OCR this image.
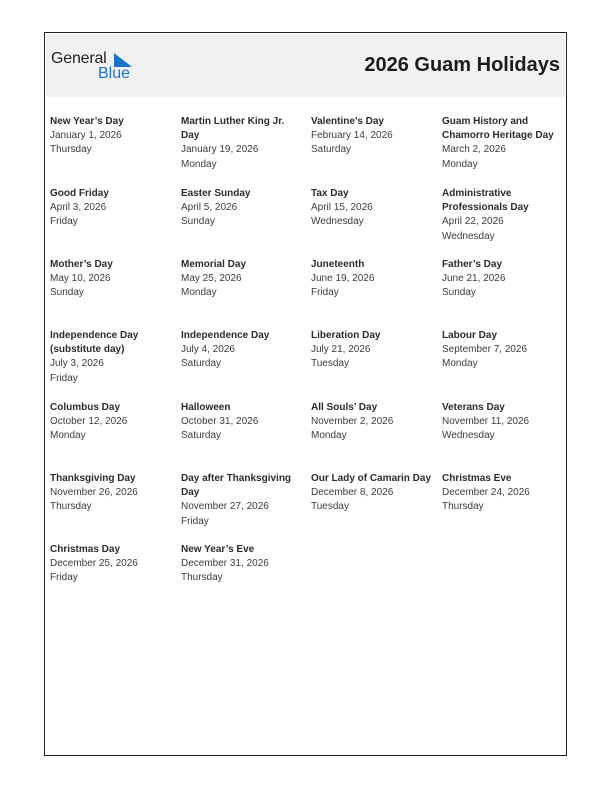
General
Blue	2026 Guam Holidays
New Year’s Day
January 1, 2026
Thursday
Martin Luther King Jr. Day
January 19, 2026
Monday
Valentine’s Day
February 14, 2026
Saturday
Guam History and Chamorro Heritage Day
March 2, 2026
Monday
Good Friday
April 3, 2026
Friday
Easter Sunday
April 5, 2026
Sunday
Tax Day
April 15, 2026
Wednesday
Administrative Professionals Day
April 22, 2026
Wednesday
Mother’s Day
May 10, 2026
Sunday
Memorial Day
May 25, 2026
Monday
Juneteenth
June 19, 2026
Friday
Father’s Day
June 21, 2026
Sunday
Independence Day (substitute day)
July 3, 2026
Friday
Independence Day
July 4, 2026
Saturday
Liberation Day
July 21, 2026
Tuesday
Labour Day
September 7, 2026
Monday
Columbus Day
October 12, 2026
Monday
Halloween
October 31, 2026
Saturday
All Souls’ Day
November 2, 2026
Monday
Veterans Day
November 11, 2026
Wednesday
Thanksgiving Day
November 26, 2026
Thursday
Day after Thanksgiving Day
November 27, 2026
Friday
Our Lady of Camarin Day
December 8, 2026
Tuesday
Christmas Eve
December 24, 2026
Thursday
Christmas Day
December 25, 2026
Friday
New Year’s Eve
December 31, 2026
Thursday
